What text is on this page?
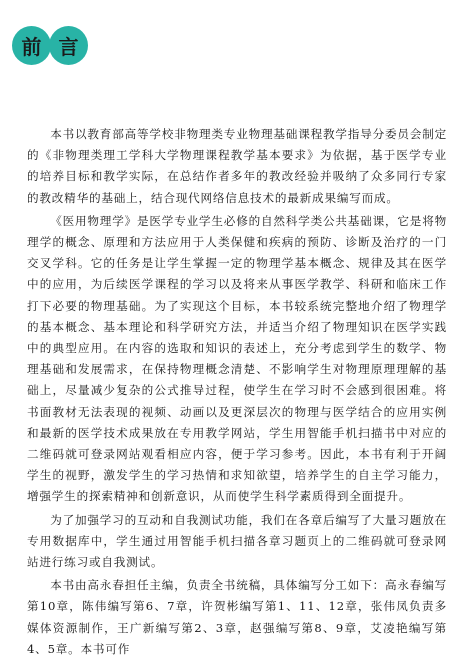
前 言

本书以教育部高等学校非物理类专业物理基础课程教学指导分委员会制定的《非物理类理工学科大学物理课程教学基本要求》为依据，基于医学专业的培养目标和教学实际，在总结作者多年的教改经验并吸纳了众多同行专家的教改精华的基础上，结合现代网络信息技术的最新成果编写而成。

《医用物理学》是医学专业学生必修的自然科学类公共基础课，它是将物理学的概念、原理和方法应用于人类保健和疾病的预防、诊断及治疗的一门交叉学科。它的任务是让学生掌握一定的物理学基本概念、规律及其在医学中的应用，为后续医学课程的学习以及将来从事医学教学、科研和临床工作打下必要的物理基础。为了实现这个目标，本书较系统完整地介绍了物理学的基本概念、基本理论和科学研究方法，并适当介绍了物理知识在医学实践中的典型应用。在内容的选取和知识的表述上，充分考虑到学生的数学、物理基础和发展需求，在保持物理概念清楚、不影响学生对物理原理理解的基础上，尽量减少复杂的公式推导过程，使学生在学习时不会感到很困难。将书面教材无法表现的视频、动画以及更深层次的物理与医学结合的应用实例和最新的医学技术成果放在专用教学网站，学生用智能手机扫描书中对应的二维码就可登录网站观看相应内容，便于学习参考。因此，本书有利于开阔学生的视野，激发学生的学习热情和求知欲望，培养学生的自主学习能力，增强学生的探索精神和创新意识，从而使学生科学素质得到全面提升。

为了加强学习的互动和自我测试功能，我们在各章后编写了大量习题放在专用数据库中，学生通过用智能手机扫描各章习题页上的二维码就可登录网站进行练习或自我测试。

本书由高永春担任主编，负责全书统稿，具体编写分工如下：高永春编写第10章，陈伟编写第6、7章，许贺彬编写第1、11、12章，张伟凤负责多媒体资源制作，王广新编写第2、3章，赵强编写第8、9章，艾凌艳编写第4、5章。本书可作
